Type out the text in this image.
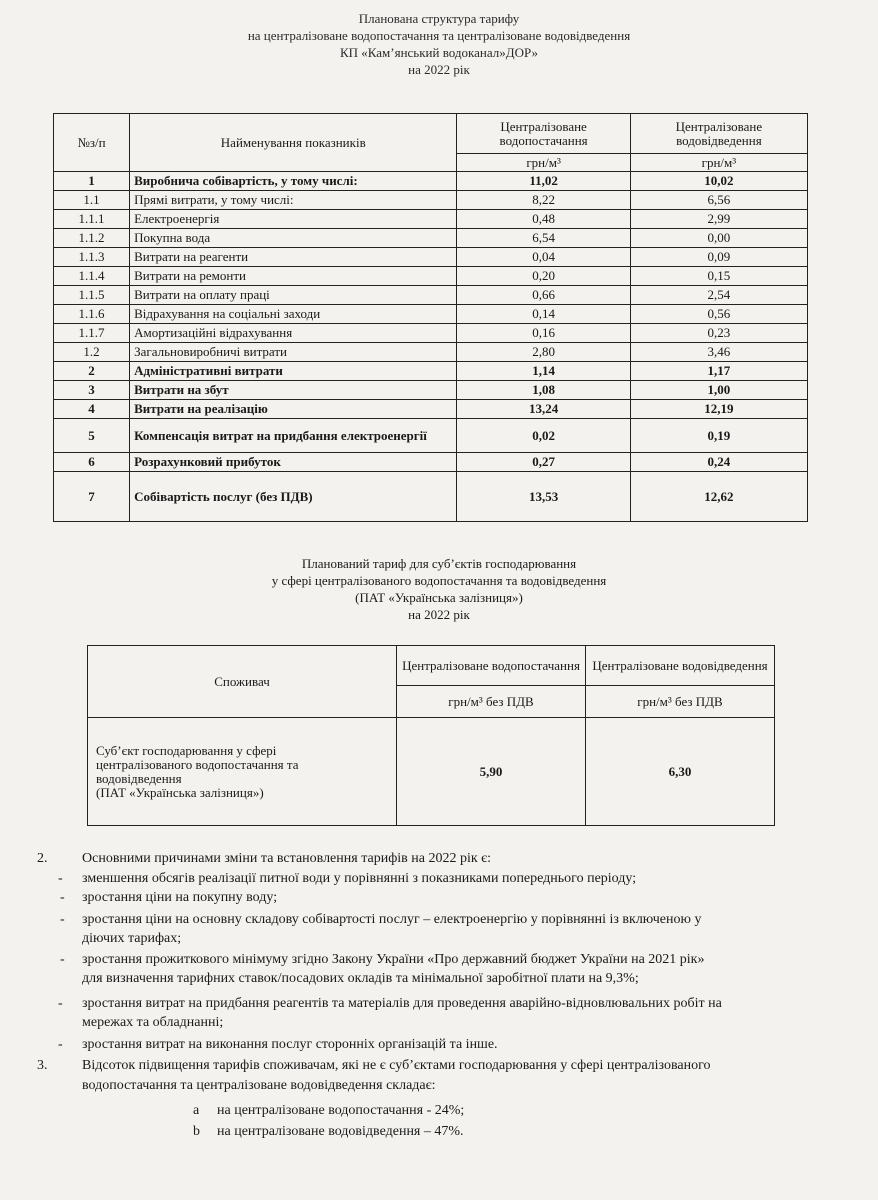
Планована структура тарифу
на централізоване водопостачання та централізоване водовідведення
КП «Кам’янський водоканал»ДОР»
на 2022 рік
№з/п	Найменування показників	Централізоване водопостачання	Централізоване водовідведення
		грн/м³	грн/м³
1	Виробнича собівартість, у тому числі:	11,02	10,02
1.1	Прямі витрати, у тому числі:	8,22	6,56
1.1.1	Електроенергія	0,48	2,99
1.1.2	Покупна вода	6,54	0,00
1.1.3	Витрати на реагенти	0,04	0,09
1.1.4	Витрати на ремонти	0,20	0,15
1.1.5	Витрати на оплату праці	0,66	2,54
1.1.6	Відрахування на соціальні заходи	0,14	0,56
1.1.7	Амортизаційні відрахування	0,16	0,23
1.2	Загальновиробничі витрати	2,80	3,46
2	Адміністративні витрати	1,14	1,17
3	Витрати на збут	1,08	1,00
4	Витрати на реалізацію	13,24	12,19
5	Компенсація витрат на придбання електроенергії	0,02	0,19
6	Розрахунковий прибуток	0,27	0,24
7	Собівартість послуг (без ПДВ)	13,53	12,62
Планований тариф для суб’єктів господарювання
у сфері централізованого водопостачання та водовідведення
(ПАТ «Українська залізниця»)
на 2022 рік
Споживач	Централізоване водопостачання	Централізоване водовідведення
	грн/м³ без ПДВ	грн/м³ без ПДВ

Суб’єкт господарювання у сфері
централізованого водопостачання та
водовідведення
(ПАТ «Українська залізниця»)	5,90	6,30
2. Основними причинами зміни та встановлення тарифів на 2022 рік є:
- зменшення обсягів реалізації питної води у порівнянні з показниками попереднього періоду;
- зростання ціни на покупну воду;
- зростання ціни на основну складову собівартості послуг – електроенергію у порівнянні із включеною у
діючих тарифах;
- зростання прожиткового мінімуму згідно Закону України «Про державний бюджет України на 2021 рік»
для визначення тарифних ставок/посадових окладів та мінімальної заробітної плати на 9,3%;
- зростання витрат на придбання реагентів та матеріалів для проведення аварійно-відновлювальних робіт на
мережах та обладнанні;
- зростання витрат на виконання послуг сторонніх організацій та інше.
3. Відсоток підвищення тарифів споживачам, які не є суб’єктами господарювання у сфері централізованого
водопостачання та централізоване водовідведення складає:
a на централізоване водопостачання - 24%;
b на централізоване водовідведення – 47%.
